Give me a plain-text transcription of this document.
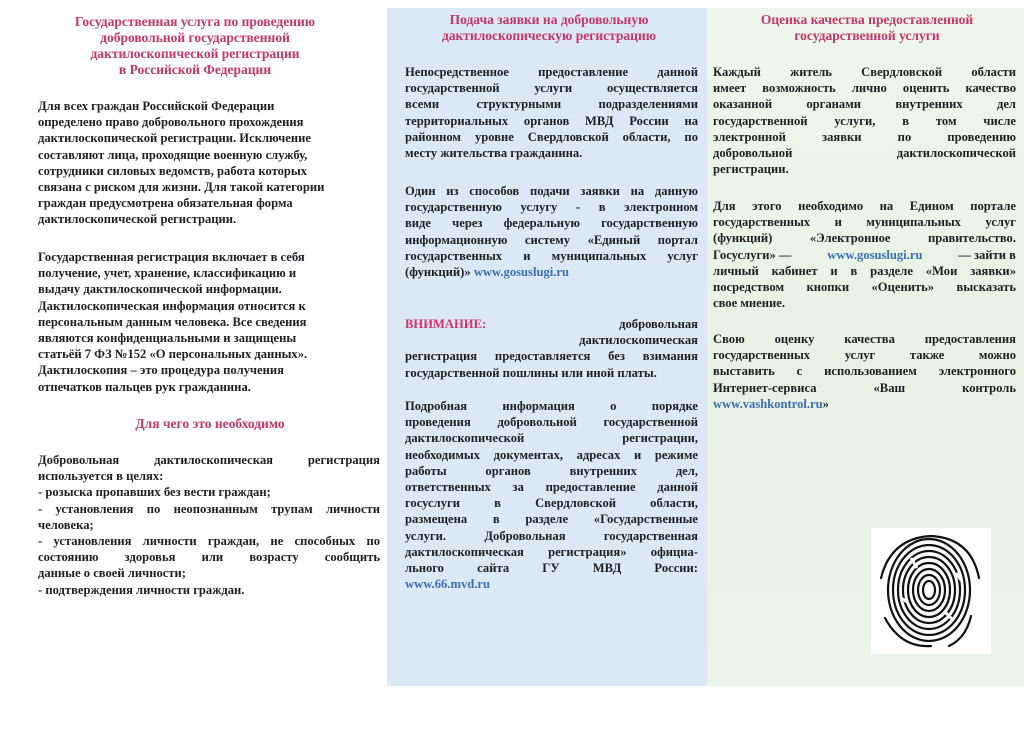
Государственная услуга по проведению
добровольной государственной
дактилоскопической регистрации
в Российской Федерации
Для всех граждан Российской Федерации
определено право добровольного прохождения
дактилоскопической регистрации. Исключение
составляют лица, проходящие военную службу,
сотрудники силовых ведомств, работа которых
связана с риском для жизни. Для такой категории
граждан предусмотрена обязательная форма
дактилоскопической регистрации.
Государственная регистрация включает в себя
получение, учет, хранение, классификацию и
выдачу дактилоскопической информации.
Дактилоскопическая информация относится к
персональным данным человека. Все сведения
являются конфиденциальными и защищены
статьёй 7 ФЗ №152 «О персональных данных».
Дактилоскопия – это процедура получения
отпечатков пальцев рук гражданина.
Для чего это необходимо
Добровольная дактилоскопическая регистрация
используется в целях:
- розыска пропавших без вести граждан;
- установления по неопознанным трупам личности
человека;
- установления личности граждан, не способных по
состоянию здоровья или возрасту сообщить
данные о своей личности;
- подтверждения личности граждан.
Подача заявки на добровольную
дактилоскопическую регистрацию
Непосредственное предоставление данной
государственной услуги осуществляется
всеми структурными подразделениями
территориальных органов МВД России на
районном уровне Свердловской области, по
месту жительства гражданина.
Один из способов подачи заявки на данную
государственную услугу - в электронном
виде через федеральную государственную
информационную систему «Единый портал
государственных и муниципальных услуг
(функций)» www.gosuslugi.ru
ВНИМАНИЕ:	добровольная
дактилоскопическая
регистрация предоставляется без взимания
государственной пошлины или иной платы.
Подробная информация о порядке
проведения добровольной государственной
дактилоскопической регистрации,
необходимых документах, адресах и режиме
работы органов внутренних дел,
ответственных за предоставление данной
госуслуги в Свердловской области,
размещена в разделе «Государственные
услуги. Добровольная государственная
дактилоскопическая регистрация» официа-
льного сайта ГУ МВД России:
www.66.mvd.ru
Оценка качества предоставленной
государственной услуги
Каждый житель Свердловской области
имеет возможность лично оценить качество
оказанной органами внутренних дел
государственной услуги, в том числе
электронной заявки по проведению
добровольной дактилоскопической
регистрации.
Для этого необходимо на Едином портале
государственных и муниципальных услуг
(функций) «Электронное правительство.
Госуслуги» —	www.gosuslugi.ru	— зайти в
личный кабинет и в разделе «Мои заявки»
посредством кнопки «Оценить» высказать
свое мнение.
Свою оценку качества предоставления
государственных услуг также можно
выставить с использованием электронного
Интернет-сервиса «Ваш контроль
www.vashkontrol.ru»
